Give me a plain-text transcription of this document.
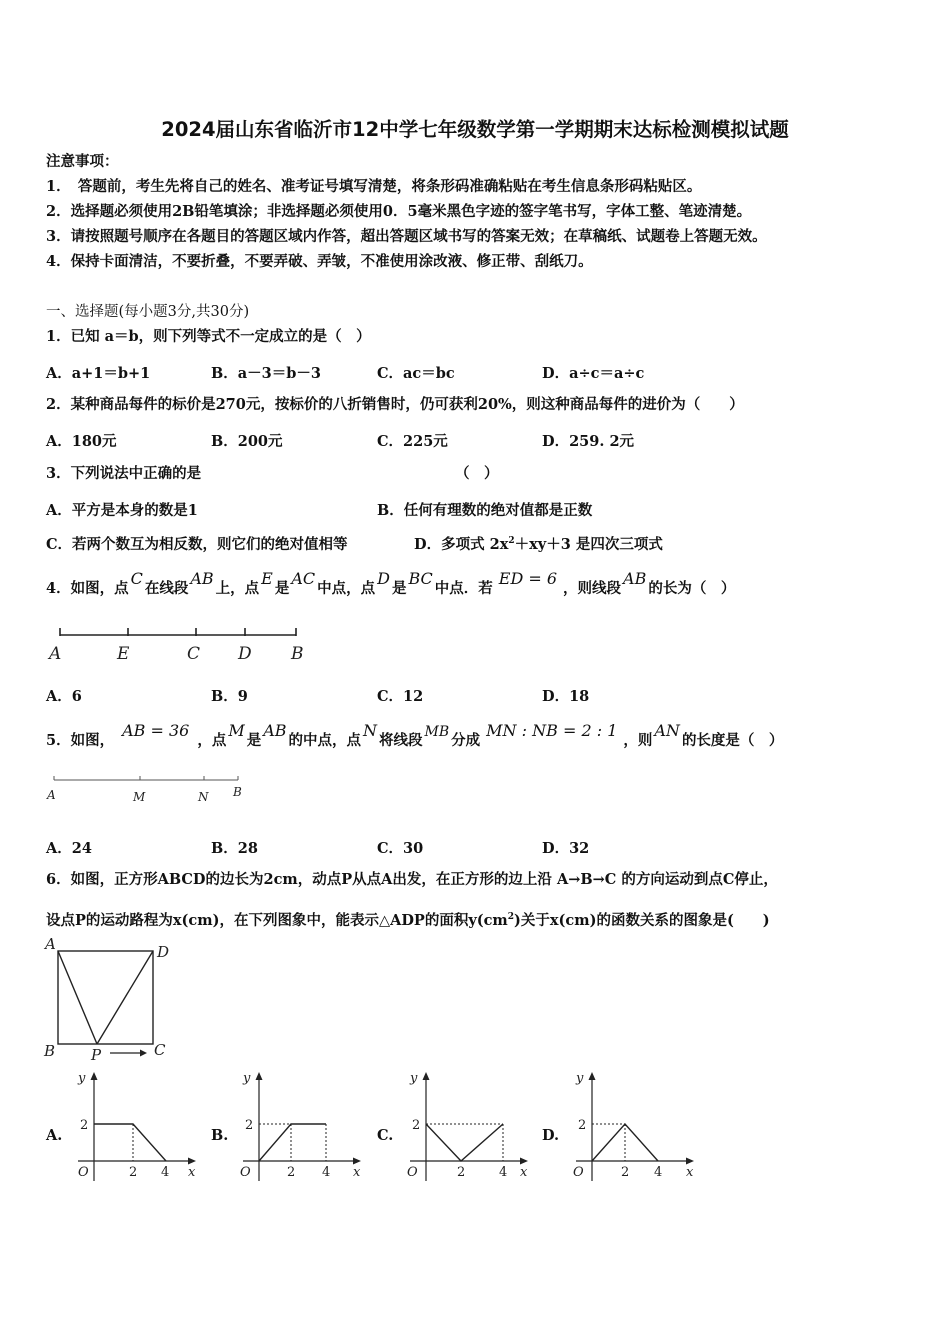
2024届山东省临沂市12中学七年级数学第一学期期末达标检测模拟试题
注意事项：
1．　答题前，考生先将自己的姓名、准考证号填写清楚，将条形码准确粘贴在考生信息条形码粘贴区。
2．选择题必须使用2B铅笔填涂；非选择题必须使用0．5毫米黑色字迹的签字笔书写，字体工整、笔迹清楚。
3．请按照题号顺序在各题目的答题区域内作答，超出答题区域书写的答案无效；在草稿纸、试题卷上答题无效。
4．保持卡面清洁，不要折叠，不要弄破、弄皱，不准使用涂改液、修正带、刮纸刀。
一、选择题(每小题3分,共30分)
1．已知 a＝b，则下列等式不一定成立的是（　）
A．a+1＝b+1	B．a－3＝b－3	C．ac＝bc	D．a÷c＝a÷c
2．某种商品每件的标价是270元，按标价的八折销售时，仍可获利20%，则这种商品每件的进价为（　　）
A．180元	B．200元	C．225元	D．259. 2元
3．下列说法中正确的是	（　）
A．平方是本身的数是1	B．任何有理数的绝对值都是正数
C．若两个数互为相反数，则它们的绝对值相等	D．多项式 $2x^2+xy+3$ 是四次三项式
4．如图，点C在线段AB上，点E是AC中点，点D是BC中点．若ED = 6，则线段AB的长为（　）
A	E	C D B
A．6	B．9	C．12	D．18
5．如图，AB = 36，点M是AB的中点，点N将线段 MB 分成MN : NB = 2 : 1，则AN的长度是（　）
A	M	N B
A．24	B．28	C．30	D．32
6．如图，正方形ABCD的边长为2cm，动点P从点A出发，在正方形的边上沿 A→B→C 的方向运动到点C停止，
设点P的运动路程为x(cm)，在下列图象中，能表示△ADP的面积$y(cm^2)$关于x(cm)的函数关系的图象是(　　)
A	D
B P	C
A.	B.	C.	D.
y
x
O
2
2 4
y
x
O
2
2 4
y
x
O
2
2	4
y
x
O
2
2 4
